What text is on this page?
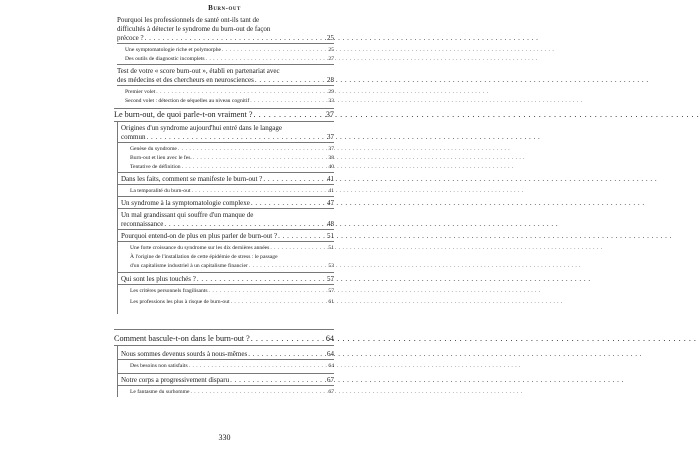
Burn-out
Pourquoi les professionnels de santé ont-ils tant de
difficultés à détecter le syndrome du burn-out de façon
précoce ? . . .	25
Une symptomatologie riche et polymorphe . . .	25
Des outils de diagnostic incomplets . . .	27
Test de votre « score burn-out », établi en partenariat avec
des médecins et des chercheurs en neurosciences . . .	28
Premier volet . . .	29
Second volet : détection de séquelles au niveau cognitif . . .	33
Le burn-out, de quoi parle-t-on vraiment ? . . .	37
Origines d'un syndrome aujourd'hui entré dans le langage
commun . . .	37
Genèse du syndrome . . .	37
Burn-out et lien avec le fes. . . .	38
Tentative de définition . . .	40
Dans les faits, comment se manifeste le burn-out ? . . .	41
La temporalité du burn-out . . .	41
Un syndrome à la symptomatologie complexe . . .	47
Un mal grandissant qui souffre d'un manque de
reconnaissance . . .	48
Pourquoi entend-on de plus en plus parler de burn-out ? . . .	51
Une forte croissance du syndrome sur les dix dernières années . . .	51
À l'origine de l'installation de cette épidémie de stress : le passage
d'un capitalisme industriel à un capitalisme financier . . .	53
Qui sont les plus touchés ? . . .	57
Les critères personnels fragilisants . . .	57
Les professions les plus à risque de burn-out . . .	61
Comment bascule-t-on dans le burn-out ? . . .	64
Nous sommes devenus sourds à nous-mêmes . . .	64
Des besoins non satisfaits . . .	64
Notre corps a progressivement disparu . . .	67
Le fantasme du surhomme . . .	67
330
